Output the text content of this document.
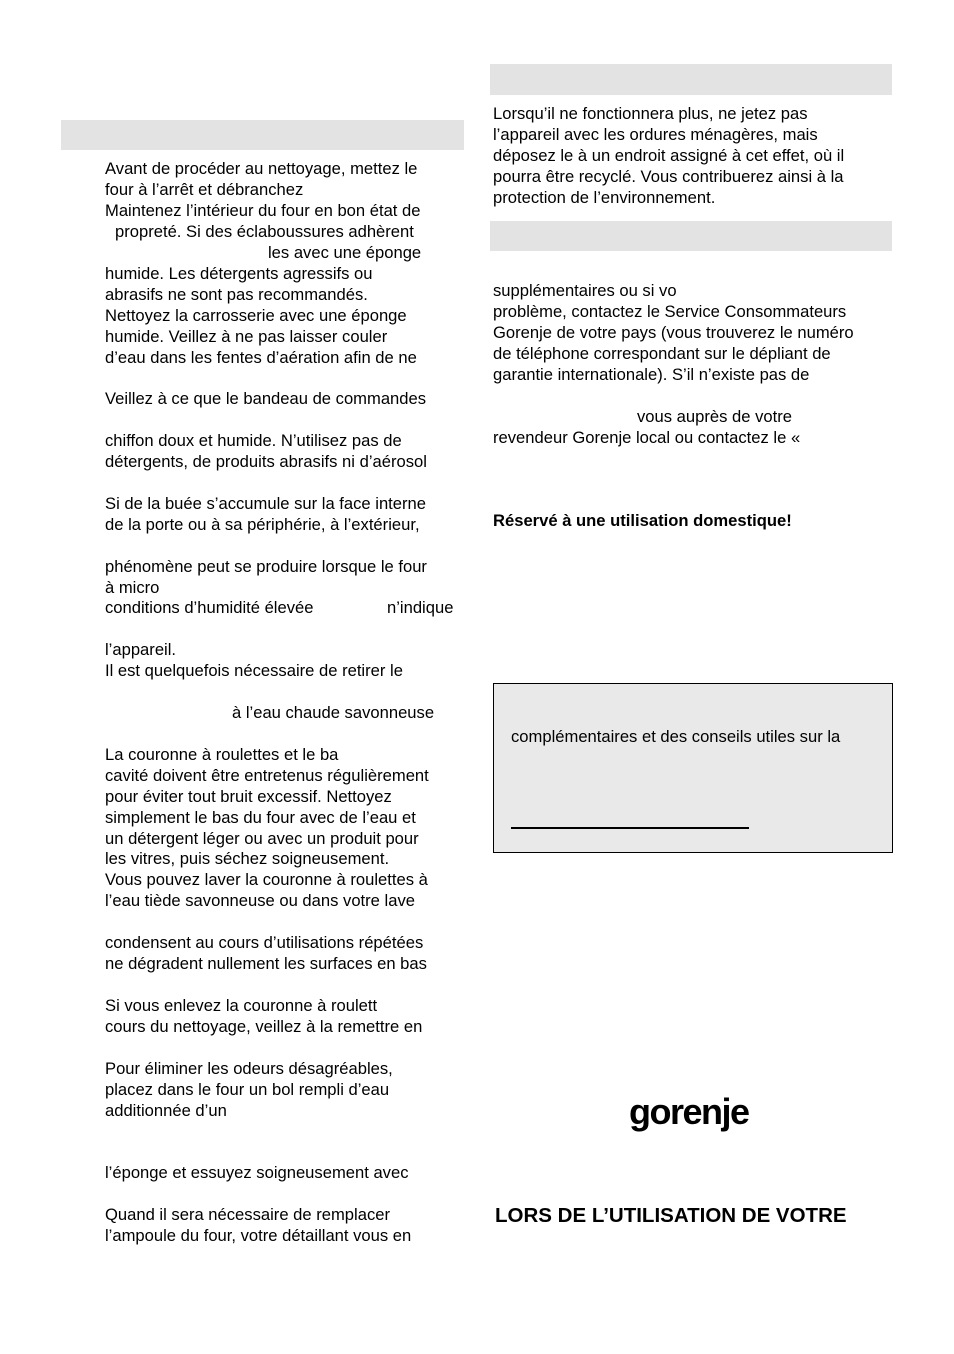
Avant de procéder au nettoyage, mettez le
four à l’arrêt et débranchez
Maintenez l’intérieur du four en bon état de
propreté. Si des éclaboussures adhèrent
les avec une éponge
humide. Les détergents agressifs ou
abrasifs ne sont pas recommandés.
Nettoyez la carrosserie avec une éponge
humide. Veillez à ne pas laisser couler
d’eau dans les fentes d’aération afin de ne
Veillez à ce que le bandeau de commandes
chiffon doux et humide. N’utilisez pas de
détergents, de produits abrasifs ni d’aérosol
Si de la buée s’accumule sur la face interne
de la porte ou à sa périphérie, à l’extérieur,
phénomène peut se produire lorsque le four
à micro
conditions d’humidité élevée	n’indique
l’appareil.
Il est quelquefois nécessaire de retirer le
à l’eau chaude savonneuse
La couronne à roulettes et le ba
cavité doivent être entretenus régulièrement
pour éviter tout bruit excessif. Nettoyez
simplement le bas du four avec de l’eau et
un détergent léger ou avec un produit pour
les vitres, puis séchez soigneusement.
Vous pouvez laver la couronne à roulettes à
l’eau tiède savonneuse ou dans votre lave
condensent au cours d’utilisations répétées
ne dégradent nullement les surfaces en bas
Si vous enlevez la couronne à roulett
cours du nettoyage, veillez à la remettre en
Pour éliminer les odeurs désagréables,
placez dans le four un bol rempli d’eau
additionnée d’un
l’éponge et essuyez soigneusement avec
Quand il sera nécessaire de remplacer
l’ampoule du four, votre détaillant vous en
Lorsqu’il ne fonctionnera plus, ne jetez pas
l’appareil avec les ordures ménagères, mais
déposez le à un endroit assigné à cet effet, où il
pourra être recyclé. Vous contribuerez ainsi à la
protection de l’environnement.
supplémentaires ou si vo
problème, contactez le Service Consommateurs
Gorenje de votre pays (vous trouverez le numéro
de téléphone correspondant sur le dépliant de
garantie internationale). S’il n’existe pas de
vous auprès de votre
revendeur Gorenje local ou contactez le «
Réservé à une utilisation domestique!
complémentaires et des conseils utiles sur la
gorenje
LORS DE L’UTILISATION DE VOTRE
